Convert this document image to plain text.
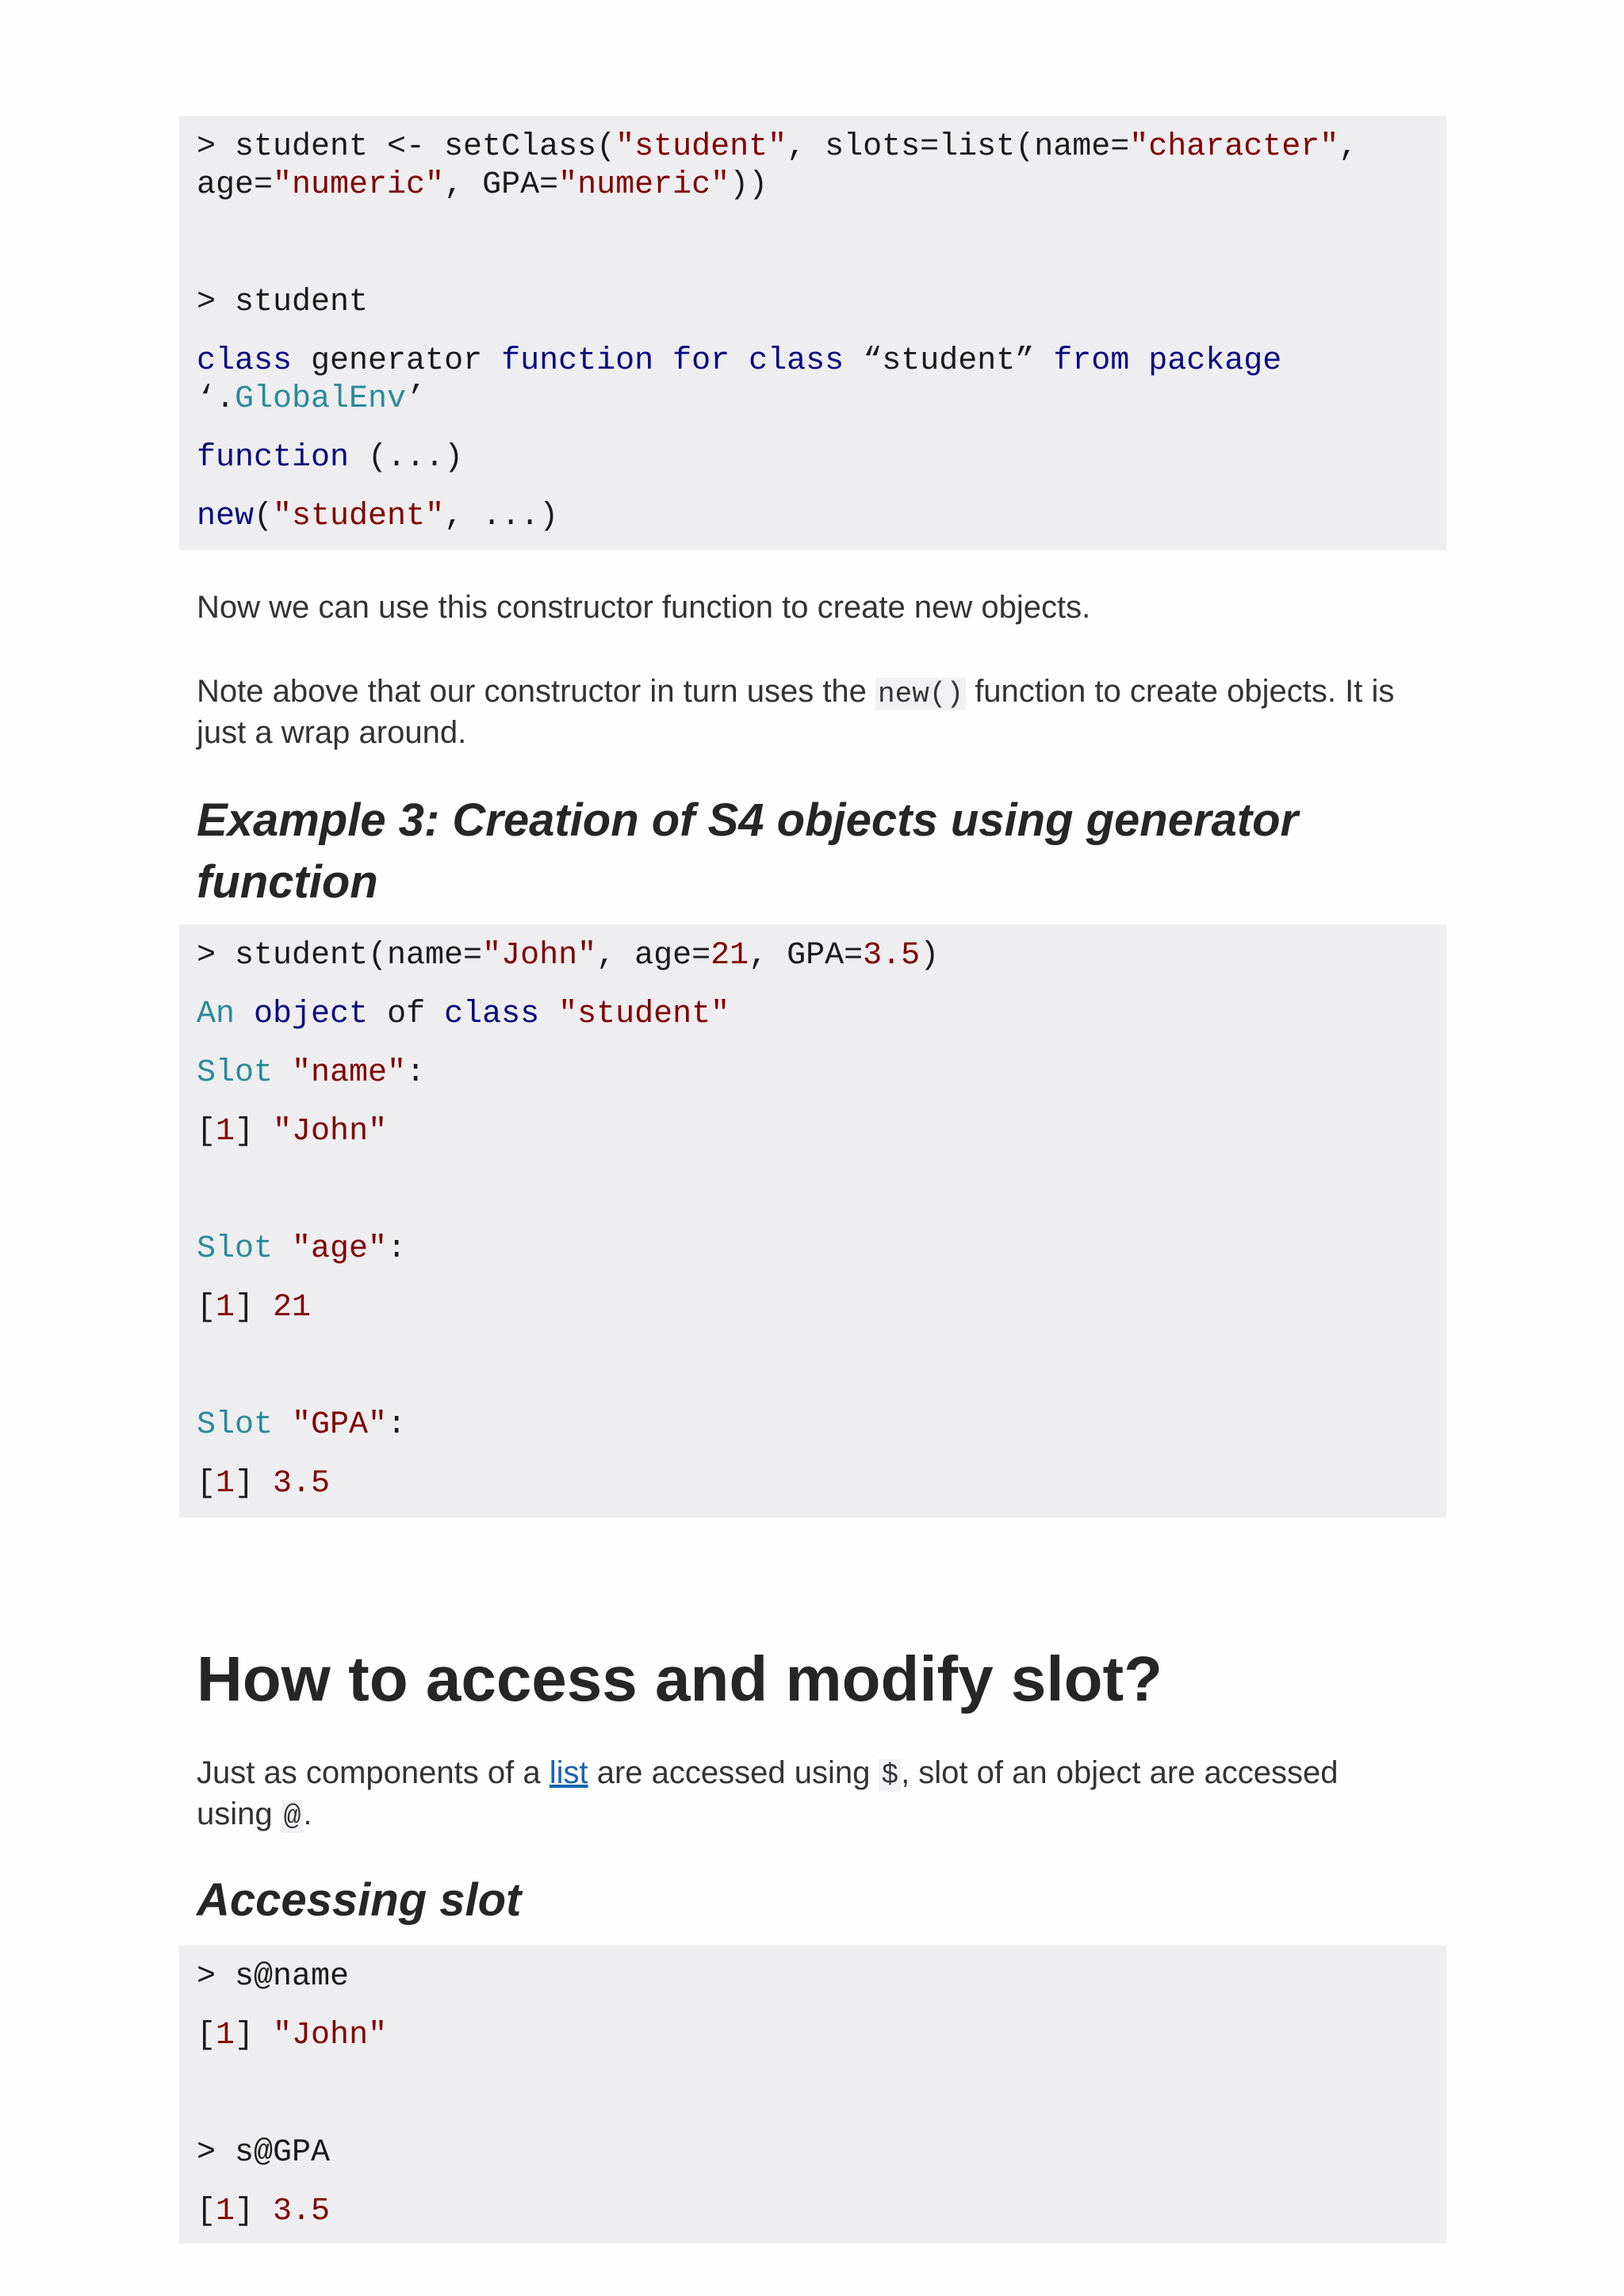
> student <- setClass("student", slots=list(name="character",
age="numeric", GPA="numeric"))
> student
class generator function for class “student” from package
‘.GlobalEnv’
function (...)
new("student", ...)
Now we can use this constructor function to create new objects.
Note above that our constructor in turn uses the new() function to create objects. It is
just a wrap around.
Example 3: Creation of S4 objects using generator
function
> student(name="John", age=21, GPA=3.5)
An object of class "student"
Slot "name":
[1] "John"
Slot "age":
[1] 21
Slot "GPA":
[1] 3.5
How to access and modify slot?
Just as components of a list are accessed using $, slot of an object are accessed
using @.
Accessing slot
> s@name
[1] "John"
> s@GPA
[1] 3.5
